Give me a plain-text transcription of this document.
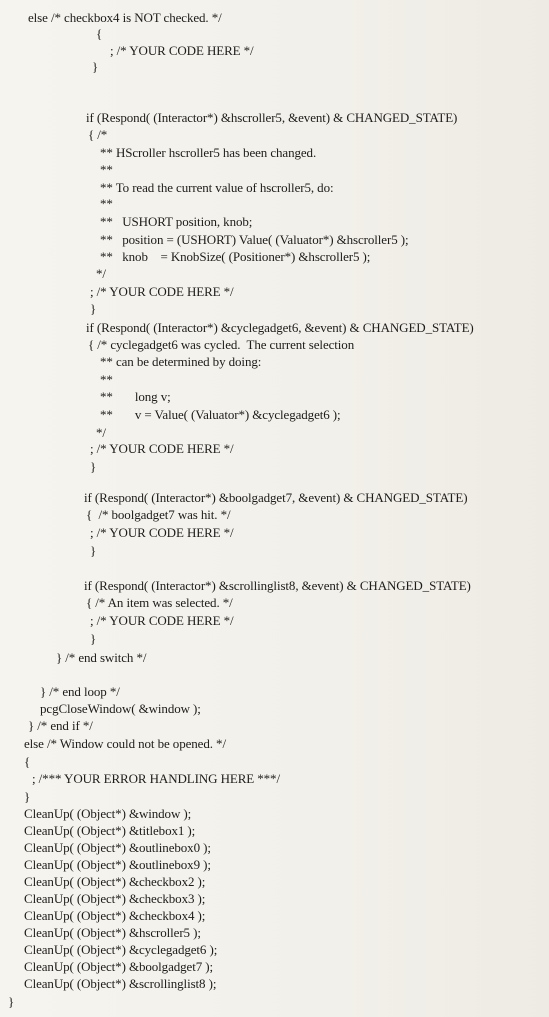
else /* checkbox4 is NOT checked. */
{
; /* YOUR CODE HERE */
}
if (Respond( (Interactor*) &hscroller5, &event) & CHANGED_STATE)
{ /*
** HScroller hscroller5 has been changed.
**
** To read the current value of hscroller5, do:
**
**   USHORT position, knob;
**   position = (USHORT) Value( (Valuator*) &hscroller5 );
**   knob    = KnobSize( (Positioner*) &hscroller5 );
*/
; /* YOUR CODE HERE */
}
if (Respond( (Interactor*) &cyclegadget6, &event) & CHANGED_STATE)
{ /* cyclegadget6 was cycled.  The current selection
** can be determined by doing:
**
**       long v;
**       v = Value( (Valuator*) &cyclegadget6 );
*/
; /* YOUR CODE HERE */
}
if (Respond( (Interactor*) &boolgadget7, &event) & CHANGED_STATE)
{  /* boolgadget7 was hit. */
; /* YOUR CODE HERE */
}
if (Respond( (Interactor*) &scrollinglist8, &event) & CHANGED_STATE)
{ /* An item was selected. */
; /* YOUR CODE HERE */
}
} /* end switch */
} /* end loop */
pcgCloseWindow( &window );
} /* end if */
else /* Window could not be opened. */
{
; /*** YOUR ERROR HANDLING HERE ***/
}
CleanUp( (Object*) &window );
CleanUp( (Object*) &titlebox1 );
CleanUp( (Object*) &outlinebox0 );
CleanUp( (Object*) &outlinebox9 );
CleanUp( (Object*) &checkbox2 );
CleanUp( (Object*) &checkbox3 );
CleanUp( (Object*) &checkbox4 );
CleanUp( (Object*) &hscroller5 );
CleanUp( (Object*) &cyclegadget6 );
CleanUp( (Object*) &boolgadget7 );
CleanUp( (Object*) &scrollinglist8 );
}
